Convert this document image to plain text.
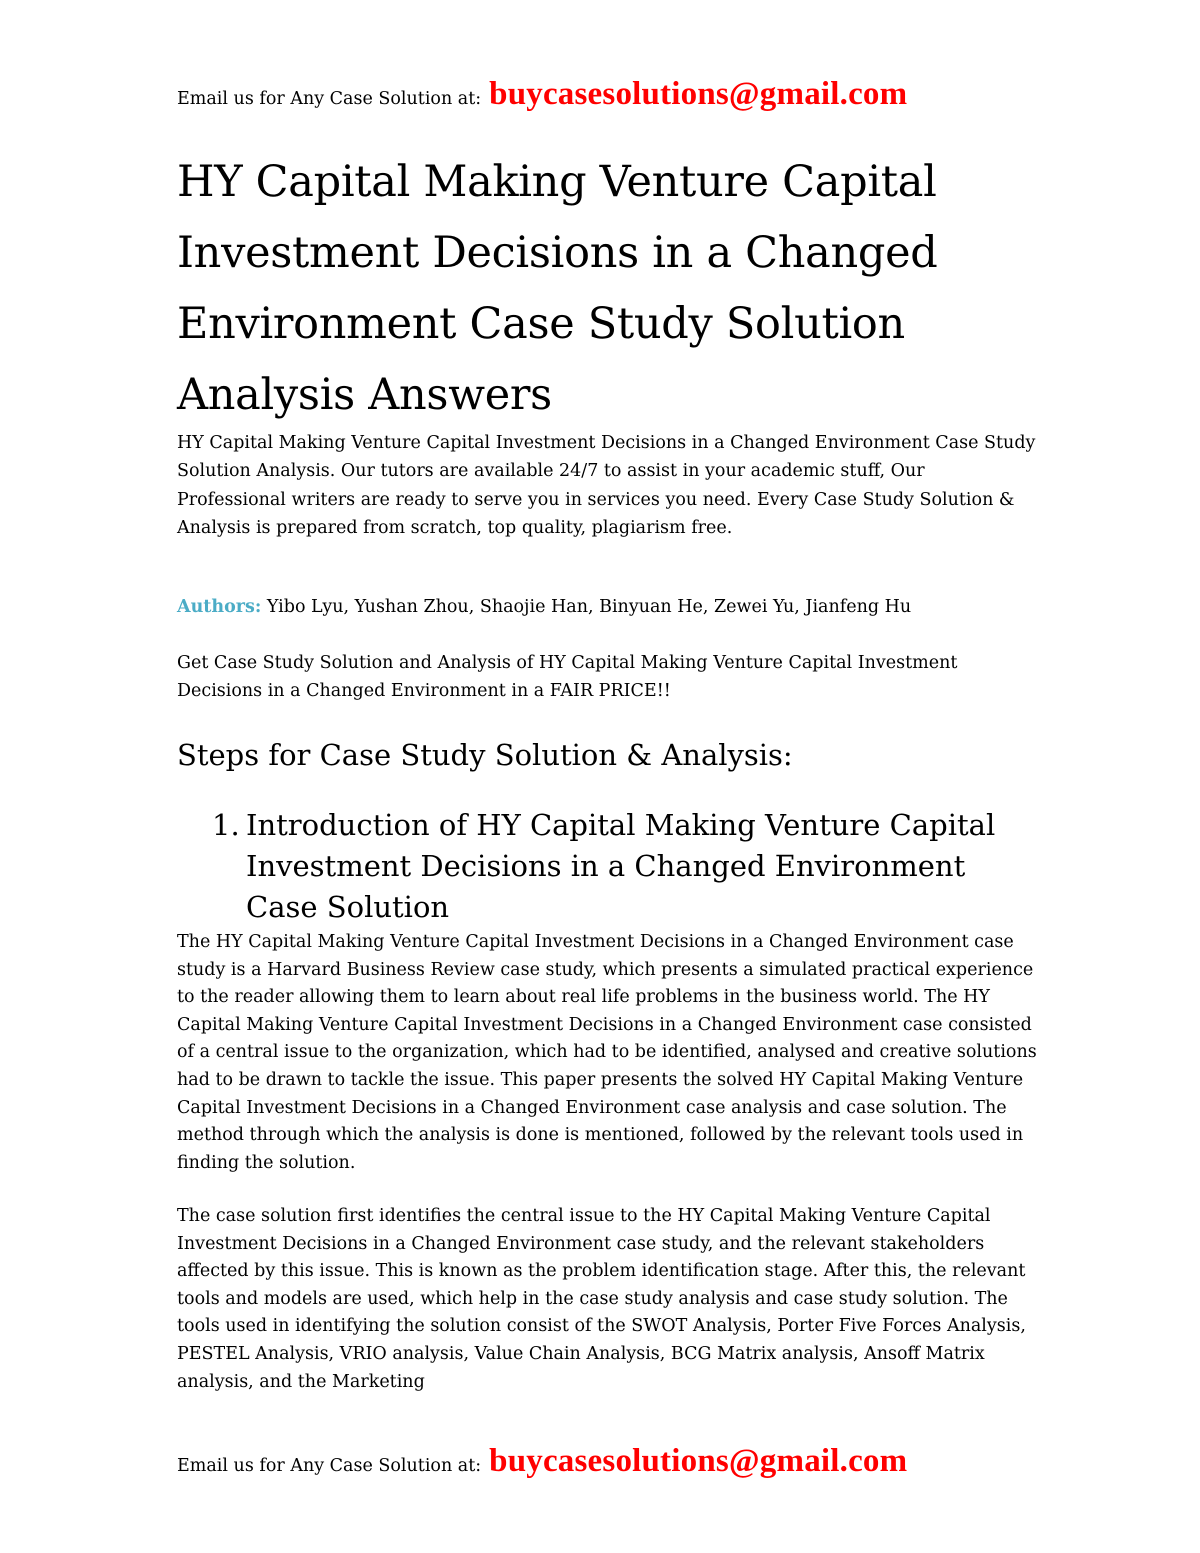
Email us for Any Case Solution at: buycasesolutions@gmail.com
HY Capital Making Venture Capital Investment Decisions in a Changed Environment Case Study Solution Analysis Answers

HY Capital Making Venture Capital Investment Decisions in a Changed Environment Case Study Solution Analysis. Our tutors are available 24/7 to assist in your academic stuff, Our Professional writers are ready to serve you in services you need. Every Case Study Solution & Analysis is prepared from scratch, top quality, plagiarism free.

Authors: Yibo Lyu, Yushan Zhou, Shaojie Han, Binyuan He, Zewei Yu, Jianfeng Hu

Get Case Study Solution and Analysis of HY Capital Making Venture Capital Investment Decisions in a Changed Environment in a FAIR PRICE!!

Steps for Case Study Solution & Analysis:
1. Introduction of HY Capital Making Venture Capital Investment Decisions in a Changed Environment Case Solution

The HY Capital Making Venture Capital Investment Decisions in a Changed Environment case study is a Harvard Business Review case study, which presents a simulated practical experience to the reader allowing them to learn about real life problems in the business world. The HY Capital Making Venture Capital Investment Decisions in a Changed Environment case consisted of a central issue to the organization, which had to be identified, analysed and creative solutions had to be drawn to tackle the issue. This paper presents the solved HY Capital Making Venture Capital Investment Decisions in a Changed Environment case analysis and case solution. The method through which the analysis is done is mentioned, followed by the relevant tools used in finding the solution.

The case solution first identifies the central issue to the HY Capital Making Venture Capital Investment Decisions in a Changed Environment case study, and the relevant stakeholders affected by this issue. This is known as the problem identification stage. After this, the relevant tools and models are used, which help in the case study analysis and case study solution. The tools used in identifying the solution consist of the SWOT Analysis, Porter Five Forces Analysis, PESTEL Analysis, VRIO analysis, Value Chain Analysis, BCG Matrix analysis, Ansoff Matrix analysis, and the Marketing

Email us for Any Case Solution at: buycasesolutions@gmail.com
